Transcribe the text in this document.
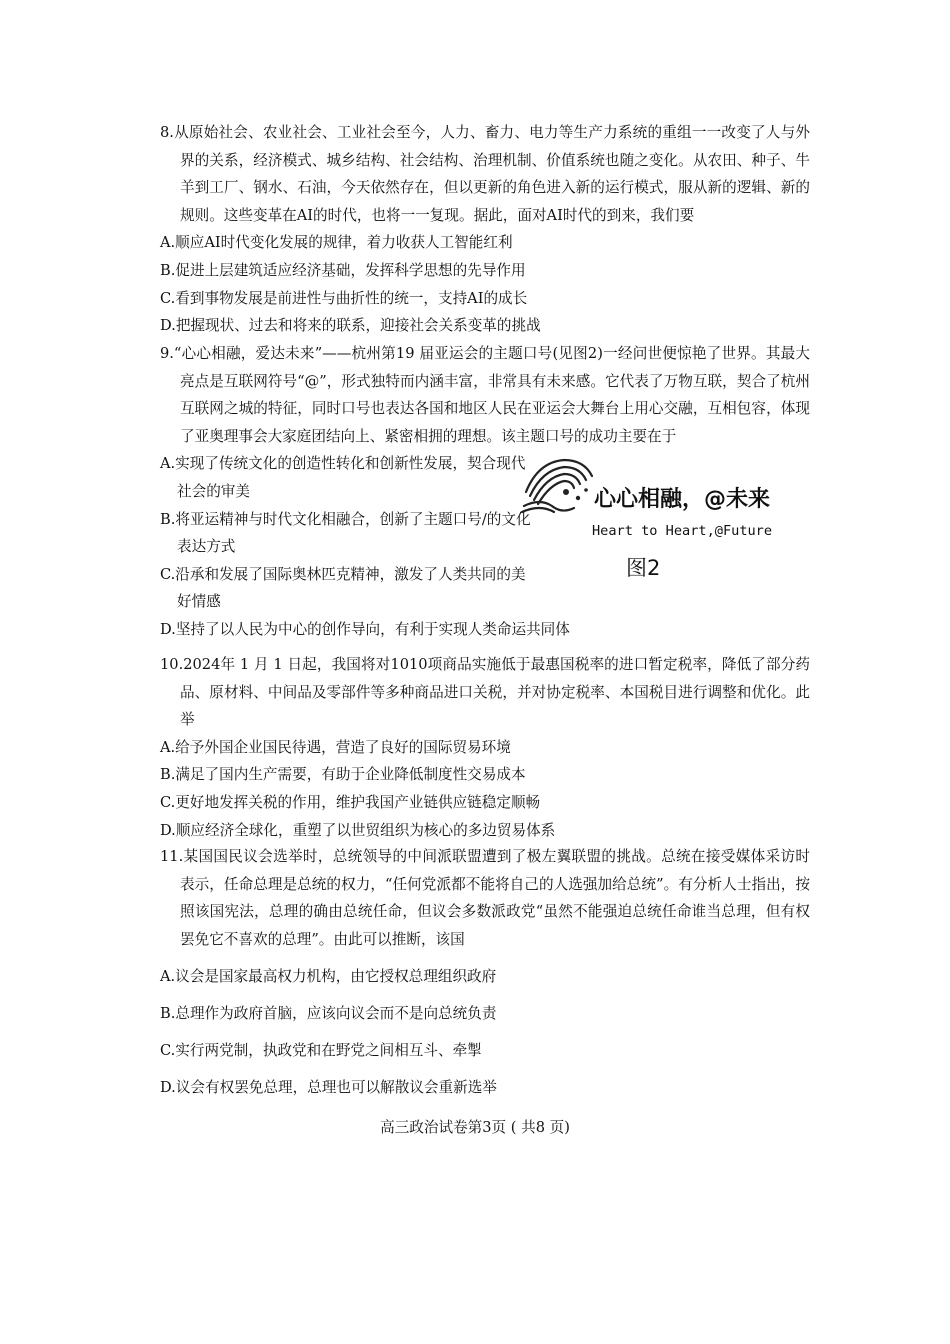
8.从原始社会、农业社会、工业社会至今，人力、畜力、电力等生产力系统的重组一一改变了人与外界的关系，经济模式、城乡结构、社会结构、治理机制、价值系统也随之变化。从农田、种子、牛羊到工厂、钢水、石油，今天依然存在，但以更新的角色进入新的运行模式，服从新的逻辑、新的规则。这些变革在AI的时代，也将一一复现。据此，面对AI时代的到来，我们要

A.顺应AI时代变化发展的规律，着力收获人工智能红利

B.促进上层建筑适应经济基础，发挥科学思想的先导作用

C.看到事物发展是前进性与曲折性的统一，支持AI的成长

D.把握现状、过去和将来的联系，迎接社会关系变革的挑战

9.“心心相融，爱达未来”——杭州第19 届亚运会的主题口号(见图2)一经问世便惊艳了世界。其最大亮点是互联网符号“@”，形式独特而内涵丰富，非常具有未来感。它代表了万物互联，契合了杭州互联网之城的特征，同时口号也表达各国和地区人民在亚运会大舞台上用心交融，互相包容，体现了亚奥理事会大家庭团结向上、紧密相拥的理想。该主题口号的成功主要在于

A.实现了传统文化的创造性转化和创新性发展，契合现代社会的审美

B.将亚运精神与时代文化相融合，创新了主题口号/的文化表达方式

C.沿承和发展了国际奥林匹克精神，激发了人类共同的美好情感

D.坚持了以人民为中心的创作导向，有利于实现人类命运共同体

心心相融，@未来
Heart to Heart,@Future
图2

10.2024年 1 月 1 日起，我国将对1010项商品实施低于最惠国税率的进口暂定税率，降低了部分药品、原材料、中间品及零部件等多种商品进口关税，并对协定税率、本国税目进行调整和优化。此举

A.给予外国企业国民待遇，营造了良好的国际贸易环境

B.满足了国内生产需要，有助于企业降低制度性交易成本

C.更好地发挥关税的作用，维护我国产业链供应链稳定顺畅

D.顺应经济全球化，重塑了以世贸组织为核心的多边贸易体系

11.某国国民议会选举时，总统领导的中间派联盟遭到了极左翼联盟的挑战。总统在接受媒体采访时表示，任命总理是总统的权力，“任何党派都不能将自己的人选强加给总统”。有分析人士指出，按照该国宪法，总理的确由总统任命，但议会多数派政党“虽然不能强迫总统任命谁当总理，但有权罢免它不喜欢的总理”。由此可以推断，该国

A.议会是国家最高权力机构，由它授权总理组织政府

B.总理作为政府首脑，应该向议会而不是向总统负责

C.实行两党制，执政党和在野党之间相互斗、牵掣

D.议会有权罢免总理，总理也可以解散议会重新选举

高三政治试卷第3页 ( 共8 页)
